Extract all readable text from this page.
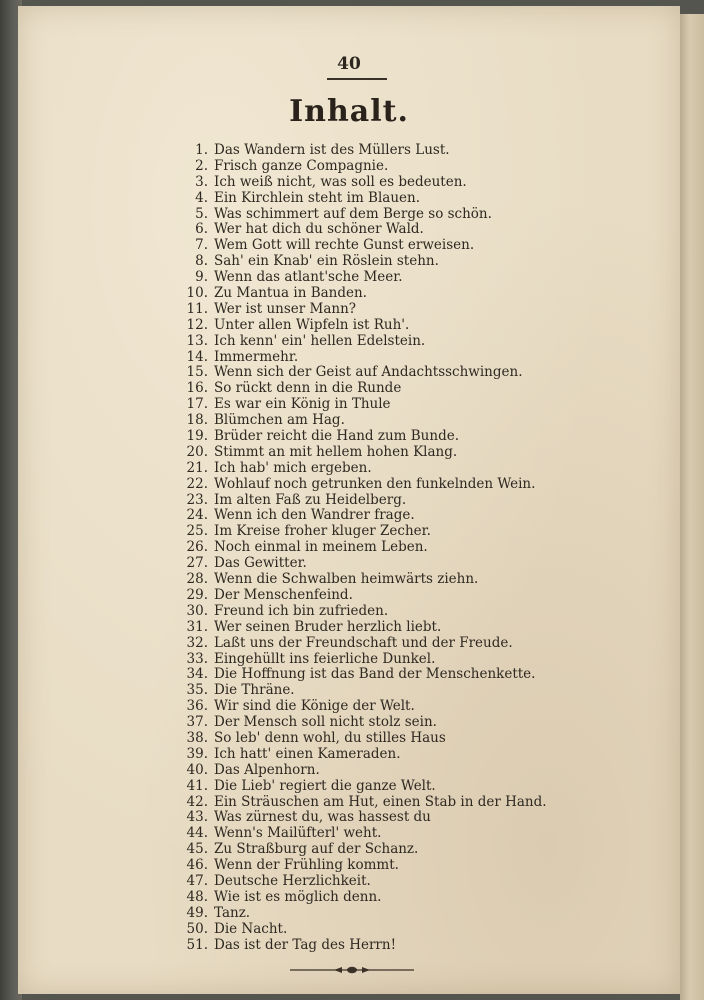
40
Inhalt.
1. Das Wandern ist des Müllers Lust.
2. Frisch ganze Compagnie.
3. Ich weiß nicht, was soll es bedeuten.
4. Ein Kirchlein steht im Blauen.
5. Was schimmert auf dem Berge so schön.
6. Wer hat dich du schöner Wald.
7. Wem Gott will rechte Gunst erweisen.
8. Sah' ein Knab' ein Röslein stehn.
9. Wenn das atlant'sche Meer.
10. Zu Mantua in Banden.
11. Wer ist unser Mann?
12. Unter allen Wipfeln ist Ruh'.
13. Ich kenn' ein' hellen Edelstein.
14. Immermehr.
15. Wenn sich der Geist auf Andachtsschwingen.
16. So rückt denn in die Runde
17. Es war ein König in Thule
18. Blümchen am Hag.
19. Brüder reicht die Hand zum Bunde.
20. Stimmt an mit hellem hohen Klang.
21. Ich hab' mich ergeben.
22. Wohlauf noch getrunken den funkelnden Wein.
23. Im alten Faß zu Heidelberg.
24. Wenn ich den Wandrer frage.
25. Im Kreise froher kluger Zecher.
26. Noch einmal in meinem Leben.
27. Das Gewitter.
28. Wenn die Schwalben heimwärts ziehn.
29. Der Menschenfeind.
30. Freund ich bin zufrieden.
31. Wer seinen Bruder herzlich liebt.
32. Laßt uns der Freundschaft und der Freude.
33. Eingehüllt ins feierliche Dunkel.
34. Die Hoffnung ist das Band der Menschenkette.
35. Die Thräne.
36. Wir sind die Könige der Welt.
37. Der Mensch soll nicht stolz sein.
38. So leb' denn wohl, du stilles Haus
39. Ich hatt' einen Kameraden.
40. Das Alpenhorn.
41. Die Lieb' regiert die ganze Welt.
42. Ein Sträuschen am Hut, einen Stab in der Hand.
43. Was zürnest du, was hassest du
44. Wenn's Mailüfterl' weht.
45. Zu Straßburg auf der Schanz.
46. Wenn der Frühling kommt.
47. Deutsche Herzlichkeit.
48. Wie ist es möglich denn.
49. Tanz.
50. Die Nacht.
51. Das ist der Tag des Herrn!
